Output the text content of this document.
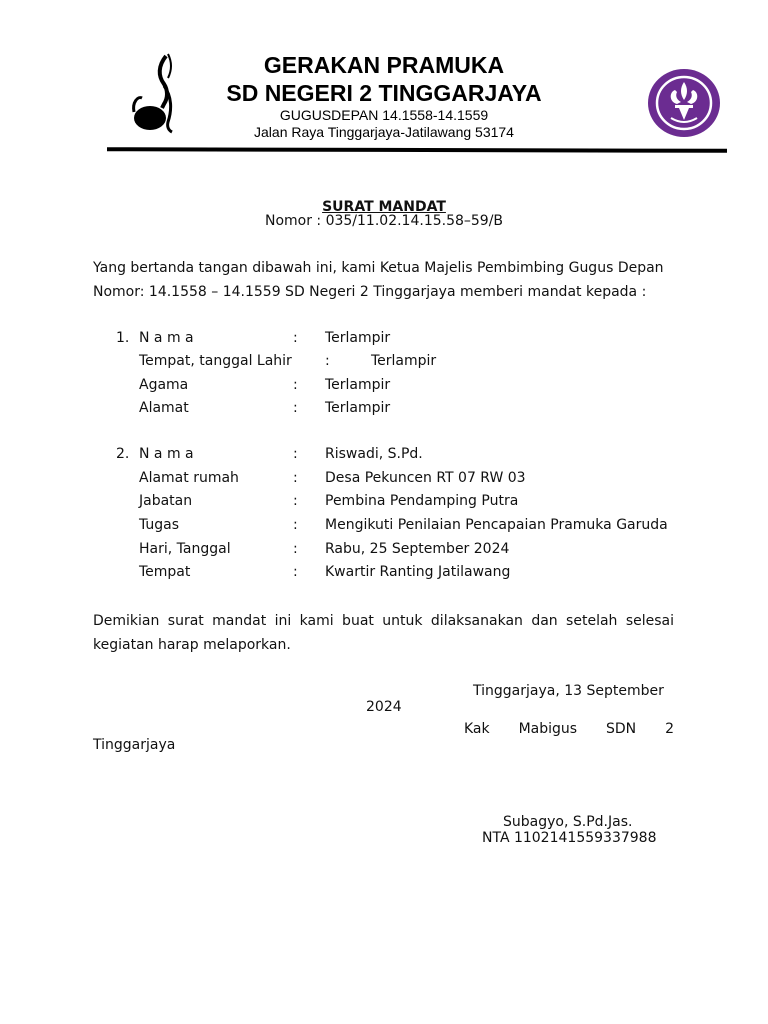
GERAKAN PRAMUKA
SD NEGERI 2 TINGGARJAYA
GUGUSDEPAN 14.1558-14.1559
Jalan Raya Tinggarjaya-Jatilawang 53174
SURAT MANDAT
Nomor : 035/11.02.14.15.58–59/B
Yang bertanda tangan dibawah ini, kami Ketua Majelis Pembimbing Gugus Depan
Nomor: 14.1558 – 14.1559 SD Negeri 2 Tinggarjaya memberi mandat kepada :
1. N a m a	: Terlampir
Tempat, tanggal Lahir :	Terlampir
Agama	: Terlampir
Alamat	: Terlampir
2. N a m a	: Riswadi, S.Pd.
Alamat rumah	: Desa Pekuncen RT 07 RW 03
Jabatan	: Pembina Pendamping Putra
Tugas	: Mengikuti Penilaian Pencapaian Pramuka Garuda
Hari, Tanggal	: Rabu, 25 September 2024
Tempat	: Kwartir Ranting Jatilawang
Demikian surat mandat ini kami buat untuk dilaksanakan dan setelah selesai
kegiatan harap melaporkan.
Tinggarjaya, 13 September
2024
Kak Mabigus SDN 2
Tinggarjaya
Subagyo, S.Pd.Jas.
NTA 1102141559337988
